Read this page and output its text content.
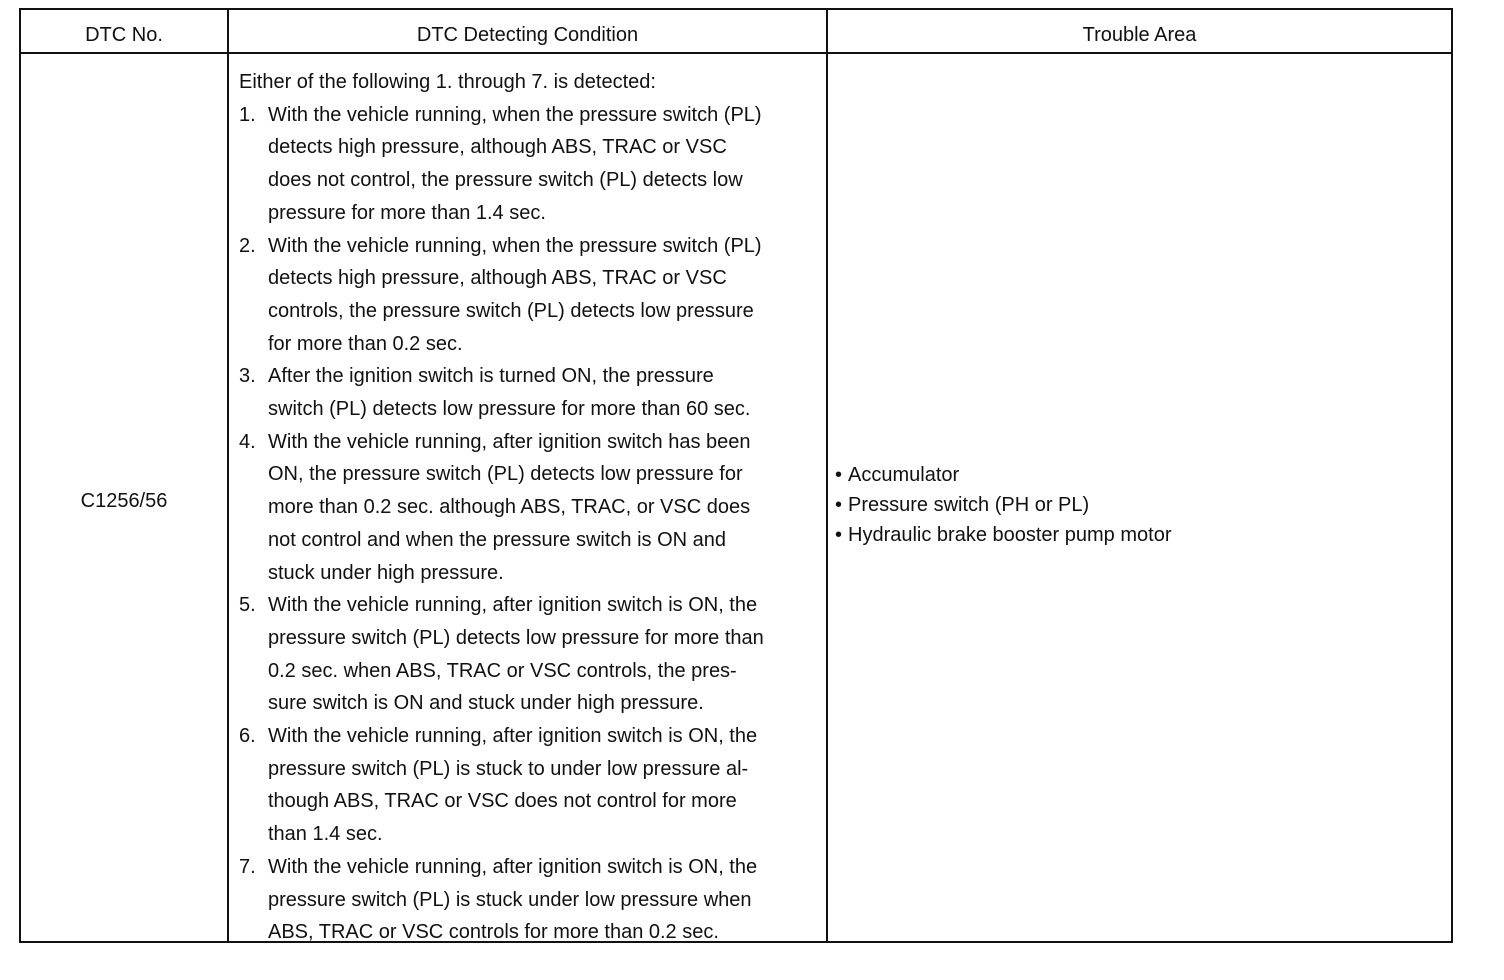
DTC No.	DTC Detecting Condition	Trouble Area
C1256/56

Either of the following 1. through 7. is detected:

1. With the vehicle running, when the pressure switch (PL)
detects high pressure, although ABS, TRAC or VSC
does not control, the pressure switch (PL) detects low
pressure for more than 1.4 sec.
2. With the vehicle running, when the pressure switch (PL)
detects high pressure, although ABS, TRAC or VSC
controls, the pressure switch (PL) detects low pressure
for more than 0.2 sec.
3. After the ignition switch is turned ON, the pressure
switch (PL) detects low pressure for more than 60 sec.
4. With the vehicle running, after ignition switch has been
ON, the pressure switch (PL) detects low pressure for
more than 0.2 sec. although ABS, TRAC, or VSC does
not control and when the pressure switch is ON and
stuck under high pressure.
5. With the vehicle running, after ignition switch is ON, the
pressure switch (PL) detects low pressure for more than
0.2 sec. when ABS, TRAC or VSC controls, the pres-
sure switch is ON and stuck under high pressure.
6. With the vehicle running, after ignition switch is ON, the
pressure switch (PL) is stuck to under low pressure al-
though ABS, TRAC or VSC does not control for more
than 1.4 sec.
7. With the vehicle running, after ignition switch is ON, the
pressure switch (PL) is stuck under low pressure when
ABS, TRAC or VSC controls for more than 0.2 sec.
• Accumulator
• Pressure switch (PH or PL)
• Hydraulic brake booster pump motor
